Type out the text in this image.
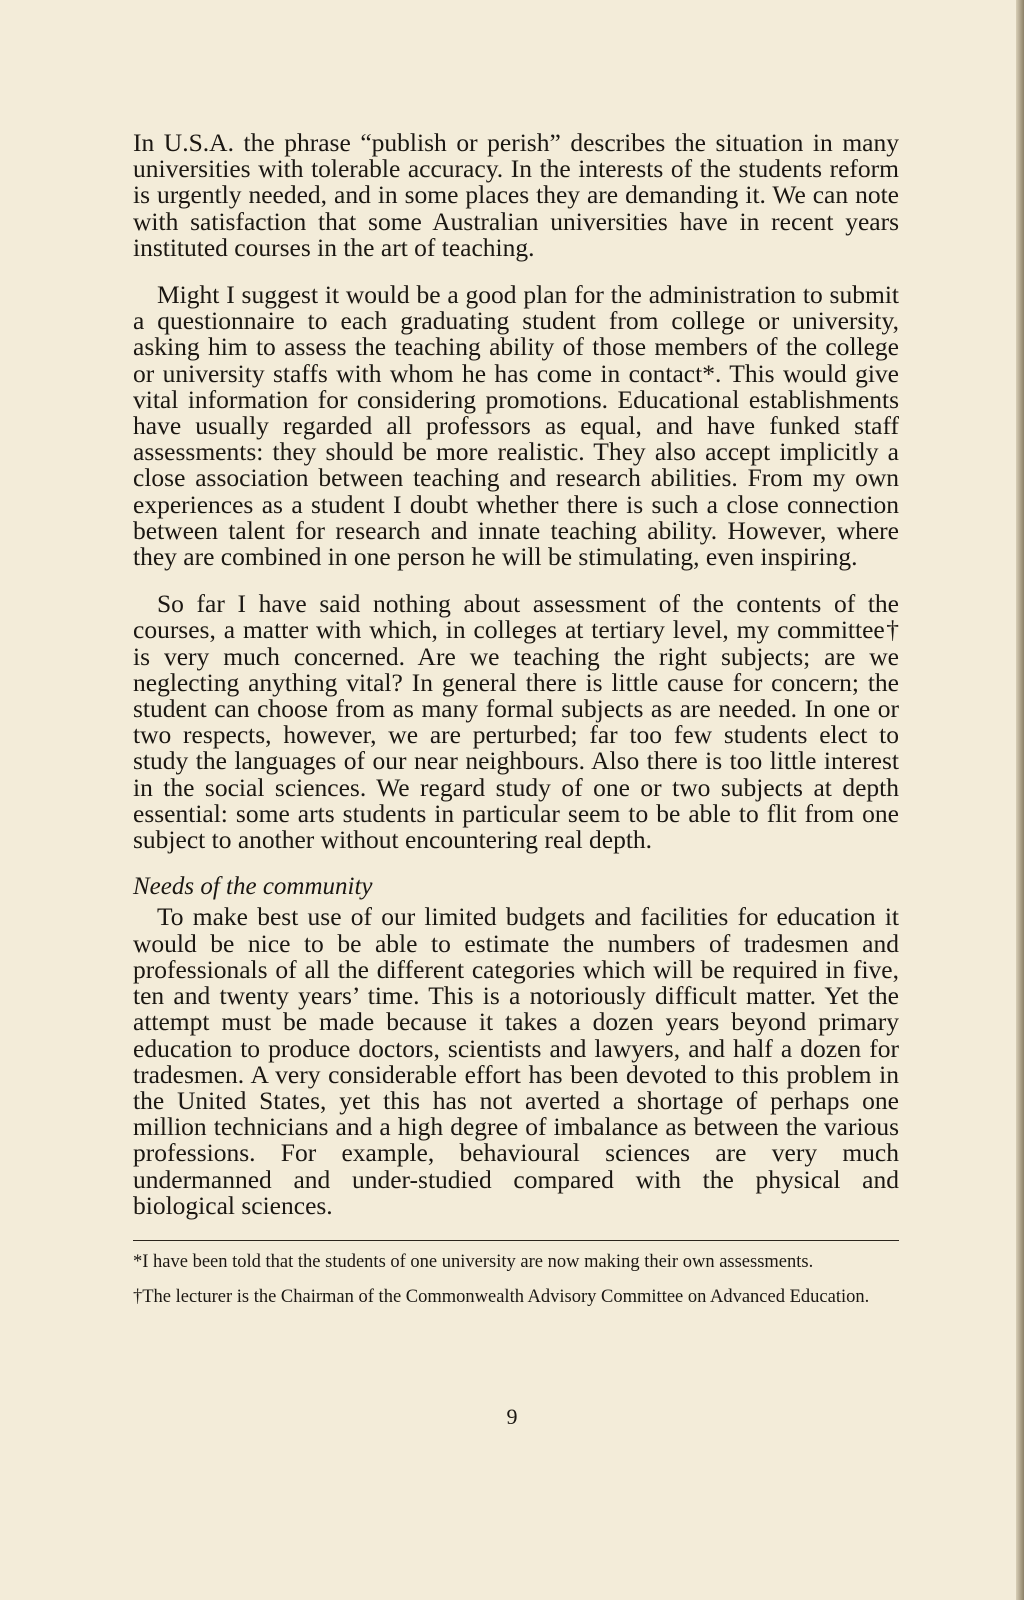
In U.S.A. the phrase “publish or perish” describes the situation in many universities with tolerable accuracy. In the interests of the students reform is urgently needed, and in some places they are demanding it. We can note with satisfaction that some Australian universities have in recent years instituted courses in the art of teaching.

Might I suggest it would be a good plan for the administration to submit a questionnaire to each graduating student from college or university, asking him to assess the teaching ability of those members of the college or university staffs with whom he has come in contact*. This would give vital information for considering promotions. Educational establishments have usually regarded all professors as equal, and have funked staff assessments: they should be more realistic. They also accept implicitly a close association between teaching and research abilities. From my own experiences as a student I doubt whether there is such a close connection between talent for research and innate teaching ability. However, where they are combined in one person he will be stimulating, even inspiring.

So far I have said nothing about assessment of the contents of the courses, a matter with which, in colleges at tertiary level, my committee† is very much concerned. Are we teaching the right subjects; are we neglecting anything vital? In general there is little cause for concern; the student can choose from as many formal subjects as are needed. In one or two respects, however, we are perturbed; far too few students elect to study the languages of our near neighbours. Also there is too little interest in the social sciences. We regard study of one or two subjects at depth essential: some arts students in particular seem to be able to flit from one subject to another without encountering real depth.

Needs of the community

To make best use of our limited budgets and facilities for education it would be nice to be able to estimate the numbers of tradesmen and professionals of all the different categories which will be required in five, ten and twenty years’ time. This is a notoriously difficult matter. Yet the attempt must be made because it takes a dozen years beyond primary education to produce doctors, scientists and lawyers, and half a dozen for tradesmen. A very considerable effort has been devoted to this problem in the United States, yet this has not averted a shortage of perhaps one million technicians and a high degree of imbalance as between the various professions. For example, behavioural sciences are very much undermanned and under-studied compared with the physical and biological sciences.

*I have been told that the students of one university are now making their own assessments.

†The lecturer is the Chairman of the Commonwealth Advisory Committee on Advanced Education.

9
